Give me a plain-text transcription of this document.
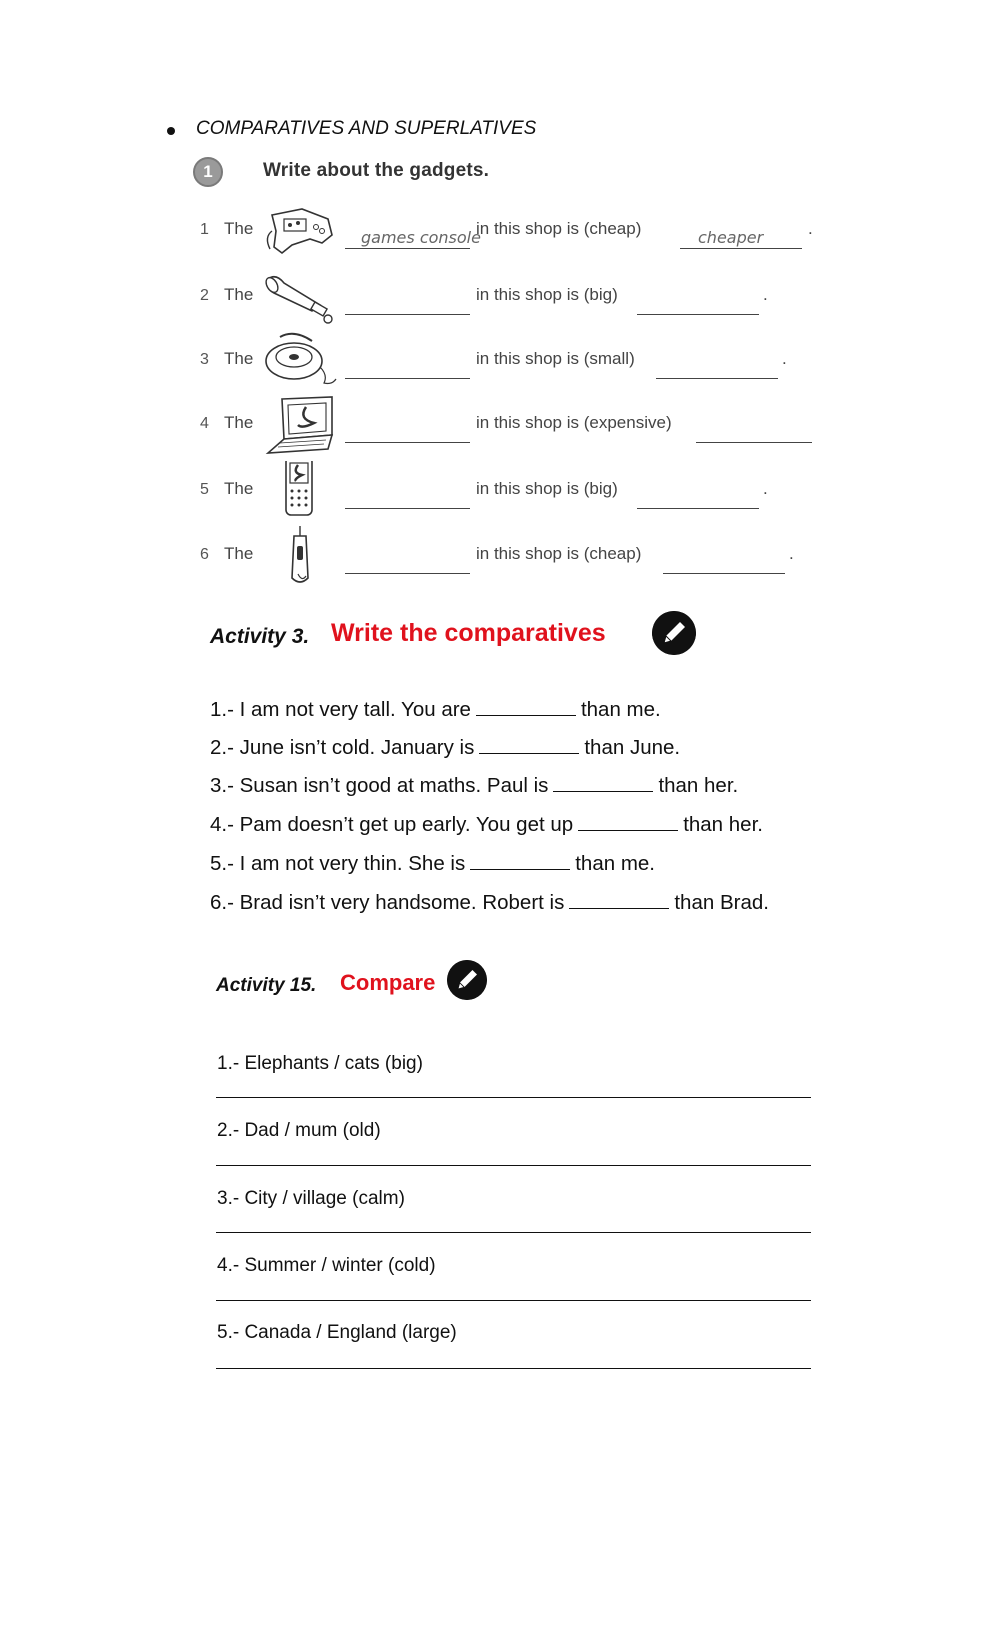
COMPARATIVES AND SUPERLATIVES
1	Write about the gadgets.
1 The	games console
in this shop is (cheap)	cheaper	.
2 The	in this shop is (big)	.
3 The	in this shop is (small)	.
4 The	in this shop is (expensive)
5 The	in this shop is (big)	.
6 The	in this shop is (cheap)	.
Activity 3. Write the comparatives
1.- I am not very tall. You are	than me.
2.- June isn’t cold. January is	than June.
3.- Susan isn’t good at maths. Paul is	than her.
4.- Pam doesn’t get up early. You get up	than her.
5.- I am not very thin. She is	than me.
6.- Brad isn’t very handsome. Robert is	than Brad.
Activity 15. Compare
1.- Elephants / cats (big)
2.- Dad / mum (old)
3.- City / village (calm)
4.- Summer / winter (cold)
5.- Canada / England (large)
